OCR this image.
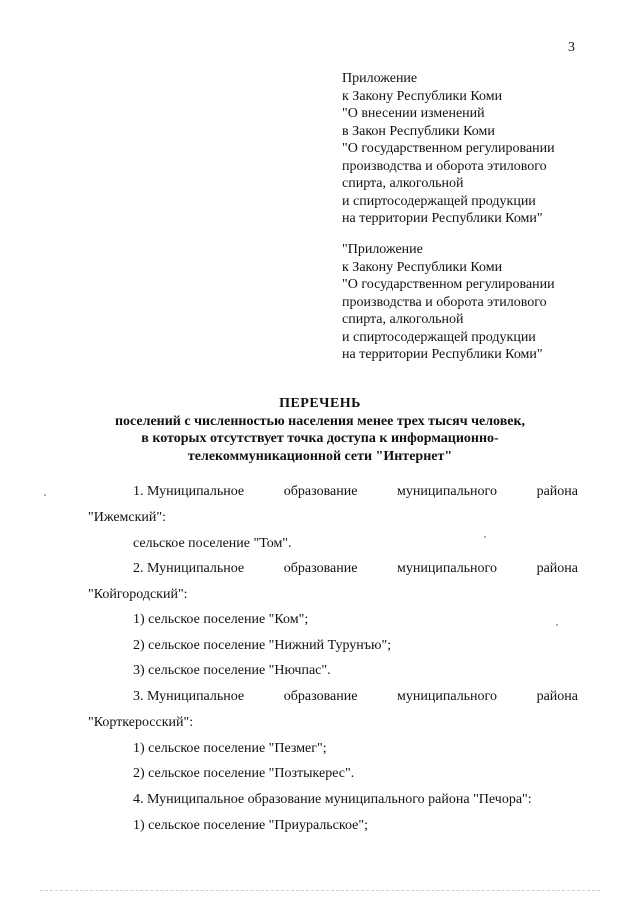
3
Приложение
к Закону Республики Коми
"О внесении изменений
в Закон Республики Коми
"О государственном регулировании
производства и оборота этилового
спирта, алкогольной
и спиртосодержащей продукции
на территории Республики Коми"
"Приложение
к Закону Республики Коми
"О государственном регулировании
производства и оборота этилового
спирта, алкогольной
и спиртосодержащей продукции
на территории Республики Коми"
ПЕРЕЧЕНЬ
поселений с численностью населения менее трех тысяч человек,
в которых отсутствует точка доступа к информационно-
телекоммуникационной сети "Интернет"
1. Муниципальное	образование	муниципального	района
"Ижемский":
сельское поселение "Том".
2. Муниципальное	образование	муниципального	района
"Койгородский":
1) сельское поселение "Ком";
2) сельское поселение "Нижний Турунъю";
3) сельское поселение "Нючпас".
3. Муниципальное	образование	муниципального	района
"Корткеросский":
1) сельское поселение "Пезмег";
2) сельское поселение "Позтыкерес".
4. Муниципальное образование муниципального района "Печора":
1) сельское поселение "Приуральское";
